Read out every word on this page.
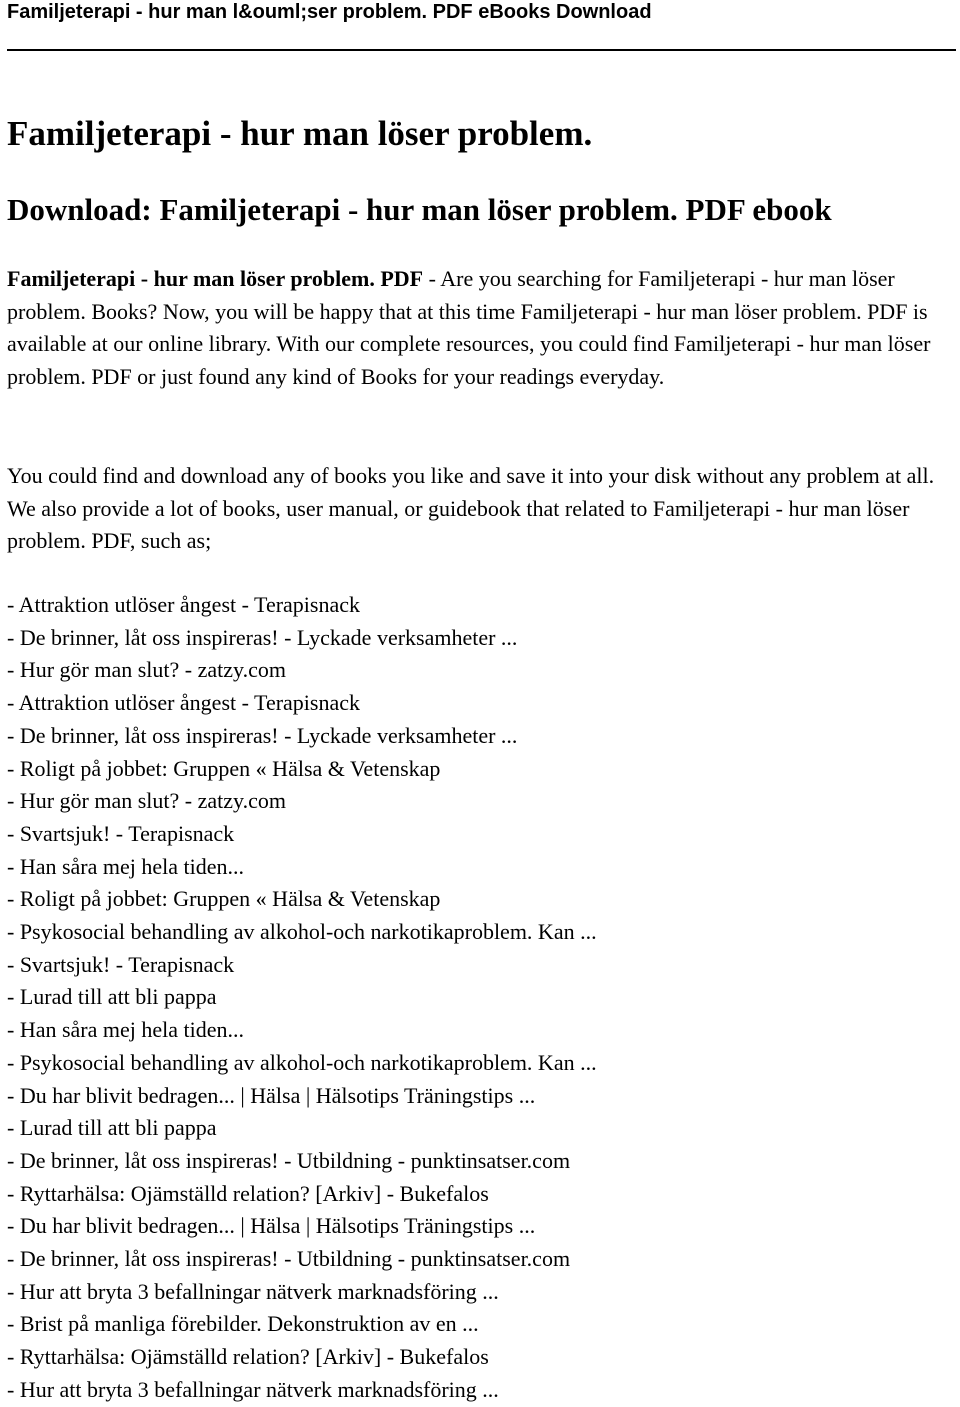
Familjeterapi - hur man l&ouml;ser problem. PDF eBooks Download
Familjeterapi - hur man löser problem.
Download: Familjeterapi - hur man löser problem. PDF ebook

Familjeterapi - hur man löser problem. PDF - Are you searching for Familjeterapi - hur man löser problem. Books? Now, you will be happy that at this time Familjeterapi - hur man löser problem. PDF is available at our online library. With our complete resources, you could find Familjeterapi - hur man löser problem. PDF or just found any kind of Books for your readings everyday.

You could find and download any of books you like and save it into your disk without any problem at all. We also provide a lot of books, user manual, or guidebook that related to Familjeterapi - hur man löser problem. PDF, such as;

- Attraktion utlöser ångest - Terapisnack
- De brinner, låt oss inspireras! - Lyckade verksamheter ...
- Hur gör man slut? - zatzy.com
- Attraktion utlöser ångest - Terapisnack
- De brinner, låt oss inspireras! - Lyckade verksamheter ...
- Roligt på jobbet: Gruppen « Hälsa & Vetenskap
- Hur gör man slut? - zatzy.com
- Svartsjuk! - Terapisnack
- Han såra mej hela tiden...
- Roligt på jobbet: Gruppen « Hälsa & Vetenskap
- Psykosocial behandling av alkohol-och narkotikaproblem. Kan ...
- Svartsjuk! - Terapisnack
- Lurad till att bli pappa
- Han såra mej hela tiden...
- Psykosocial behandling av alkohol-och narkotikaproblem. Kan ...
- Du har blivit bedragen... | Hälsa | Hälsotips Träningstips ...
- Lurad till att bli pappa
- De brinner, låt oss inspireras! - Utbildning - punktinsatser.com
- Ryttarhälsa: Ojämställd relation? [Arkiv] - Bukefalos
- Du har blivit bedragen... | Hälsa | Hälsotips Träningstips ...
- De brinner, låt oss inspireras! - Utbildning - punktinsatser.com
- Hur att bryta 3 befallningar nätverk marknadsföring ...
- Brist på manliga förebilder. Dekonstruktion av en ...
- Ryttarhälsa: Ojämställd relation? [Arkiv] - Bukefalos
- Hur att bryta 3 befallningar nätverk marknadsföring ...
